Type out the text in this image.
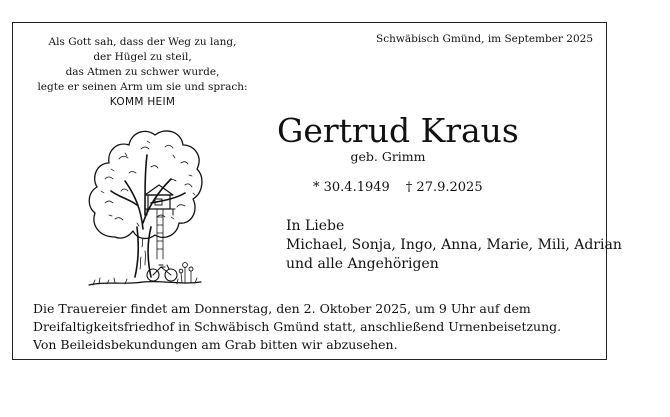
Als Gott sah, dass der Weg zu lang,
der Hügel zu steil,
das Atmen zu schwer wurde,
legte er seinen Arm um sie und sprach:
KOMM HEIM
Schwäbisch Gmünd, im September 2025
Gertrud Kraus
geb. Grimm
* 30.4.1949 † 27.9.2025
In Liebe
Michael, Sonja, Ingo, Anna, Marie, Mili, Adrian
und alle Angehörigen
Die Trauereier findet am Donnerstag, den 2. Oktober 2025, um 9 Uhr auf dem
Dreifaltigkeitsfriedhof in Schwäbisch Gmünd statt, anschließend Urnenbeisetzung.
Von Beileidsbekundungen am Grab bitten wir abzusehen.
